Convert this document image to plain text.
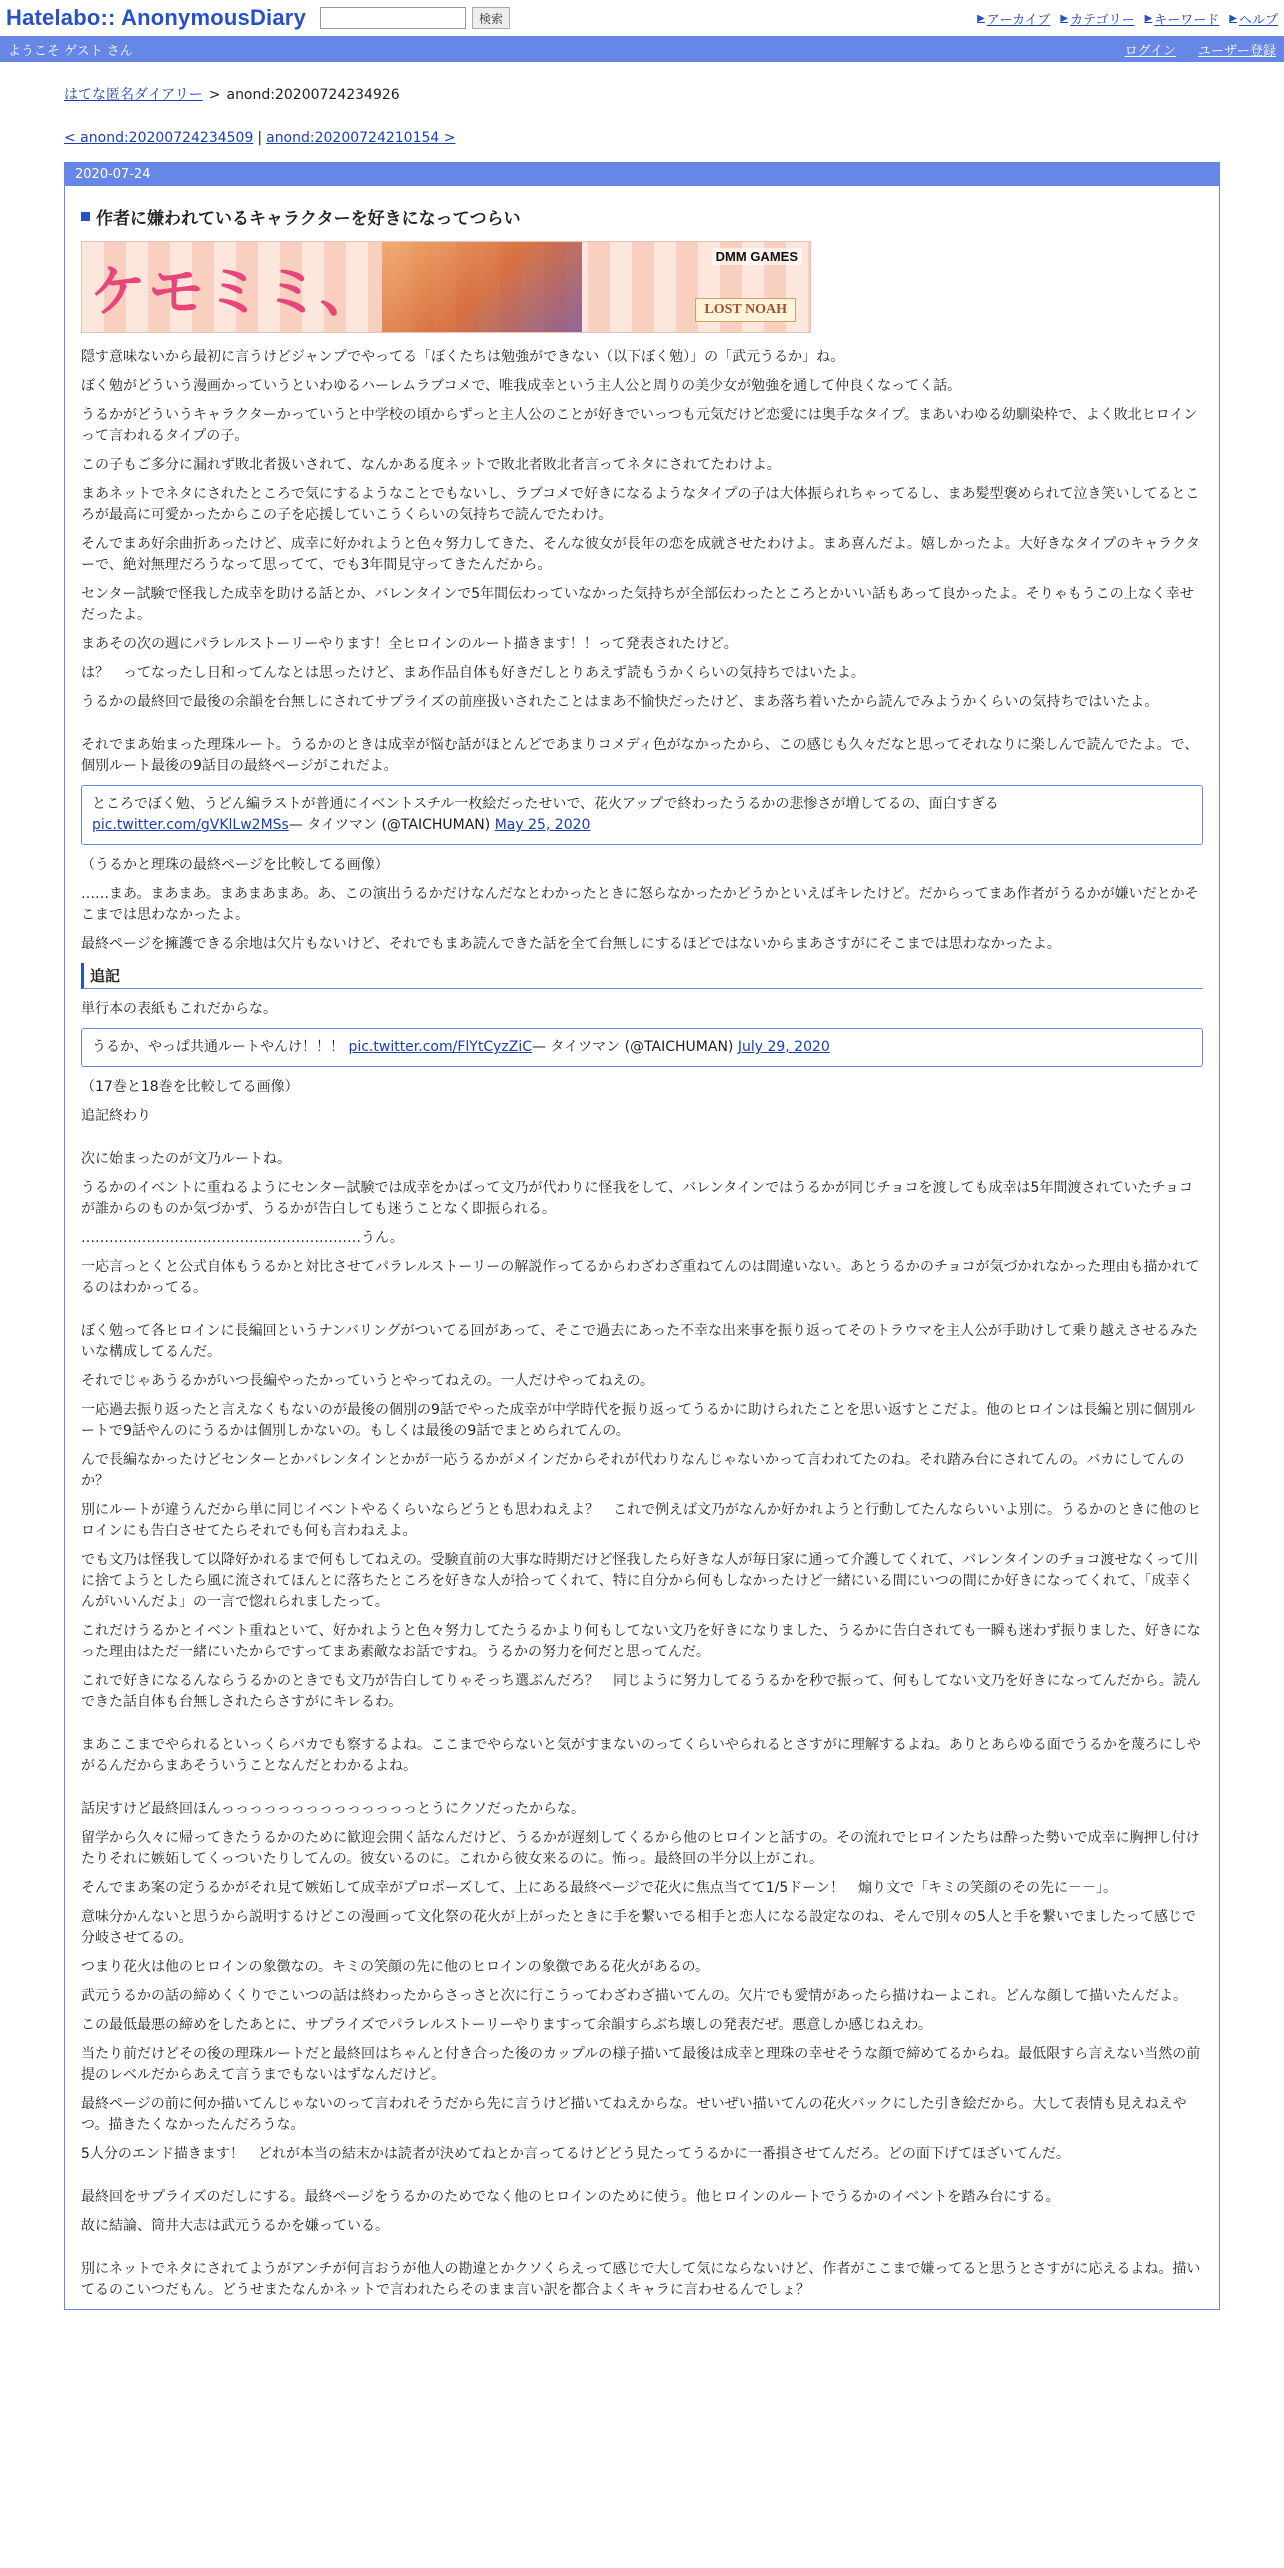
Hatelabo:: AnonymousDiary	検索	▶ アーカイブ ▶ カテゴリー ▶ キーワード ▶ ヘルプ
ようこそ ゲスト さん	ログイン ユーザー登録
はてな匿名ダイアリー > anond:20200724234926
< anond:20200724234509 | anond:20200724210154 >
2020-07-24
作者に嫌われているキャラクターを好きになってつらい
ケモミミ、
DMM GAMES
LOST NOAH

隠す意味ないから最初に言うけどジャンプでやってる「ぼくたちは勉強ができない（以下ぼく勉）」の「武元うるか」ね。

ぼく勉がどういう漫画かっていうといわゆるハーレムラブコメで、唯我成幸という主人公と周りの美少女が勉強を通して仲良くなってく話。

うるかがどういうキャラクターかっていうと中学校の頃からずっと主人公のことが好きでいっつも元気だけど恋愛には奥手なタイプ。まあいわゆる幼馴染枠で、よく敗北ヒロインって言われるタイプの子。

この子もご多分に漏れず敗北者扱いされて、なんかある度ネットで敗北者敗北者言ってネタにされてたわけよ。

まあネットでネタにされたところで気にするようなことでもないし、ラブコメで好きになるようなタイプの子は大体振られちゃってるし、まあ髪型褒められて泣き笑いしてるところが最高に可愛かったからこの子を応援していこうくらいの気持ちで読んでたわけ。

そんでまあ好余曲折あったけど、成幸に好かれようと色々努力してきた、そんな彼女が長年の恋を成就させたわけよ。まあ喜んだよ。嬉しかったよ。大好きなタイプのキャラクターで、絶対無理だろうなって思ってて、でも3年間見守ってきたんだから。

センター試験で怪我した成幸を助ける話とか、バレンタインで5年間伝わっていなかった気持ちが全部伝わったところとかいい話もあって良かったよ。そりゃもうこの上なく幸せだったよ。

まあその次の週にパラレルストーリーやります！全ヒロインのルート描きます！！って発表されたけど。

は？　ってなったし日和ってんなとは思ったけど、まあ作品自体も好きだしとりあえず読もうかくらいの気持ちではいたよ。

うるかの最終回で最後の余韻を台無しにされてサプライズの前座扱いされたことはまあ不愉快だったけど、まあ落ち着いたから読んでみようかくらいの気持ちではいたよ。

それでまあ始まった理珠ルート。うるかのときは成幸が悩む話がほとんどであまりコメディ色がなかったから、この感じも久々だなと思ってそれなりに楽しんで読んでたよ。で、個別ルート最後の9話目の最終ページがこれだよ。

ところでぼく勉、うどん編ラストが普通にイベントスチル一枚絵だったせいで、花火アップで終わったうるかの悲惨さが増してるの、面白すぎる
pic.twitter.com/gVKlLw2MSs— タイツマン (@TAICHUMAN) May 25, 2020

（うるかと理珠の最終ページを比較してる画像）

……まあ。まあまあ。まあまあまあ。あ、この演出うるかだけなんだなとわかったときに怒らなかったかどうかといえばキレたけど。だからってまあ作者がうるかが嫌いだとかそこまでは思わなかったよ。

最終ページを擁護できる余地は欠片もないけど、それでもまあ読んできた話を全て台無しにするほどではないからまあさすがにそこまでは思わなかったよ。

追記

単行本の表紙もこれだからな。

うるか、やっぱ共通ルートやんけ！！！ pic.twitter.com/FlYtCyzZiC— タイツマン (@TAICHUMAN) July 29, 2020

（17巻と18巻を比較してる画像）

追記終わり

次に始まったのが文乃ルートね。

うるかのイベントに重ねるようにセンター試験では成幸をかばって文乃が代わりに怪我をして、バレンタインではうるかが同じチョコを渡しても成幸は5年間渡されていたチョコが誰からのものか気づかず、うるかが告白しても迷うことなく即振られる。

……………………………………………………うん。

一応言っとくと公式自体もうるかと対比させてパラレルストーリーの解説作ってるからわざわざ重ねてんのは間違いない。あとうるかのチョコが気づかれなかった理由も描かれてるのはわかってる。

ぼく勉って各ヒロインに長編回というナンバリングがついてる回があって、そこで過去にあった不幸な出来事を振り返ってそのトラウマを主人公が手助けして乗り越えさせるみたいな構成してるんだ。

それでじゃあうるかがいつ長編やったかっていうとやってねえの。一人だけやってねえの。

一応過去振り返ったと言えなくもないのが最後の個別の9話でやった成幸が中学時代を振り返ってうるかに助けられたことを思い返すとこだよ。他のヒロインは長編と別に個別ルートで9話やんのにうるかは個別しかないの。もしくは最後の9話でまとめられてんの。

んで長編なかったけどセンターとかバレンタインとかが一応うるかがメインだからそれが代わりなんじゃないかって言われてたのね。それ踏み台にされてんの。バカにしてんのか？

別にルートが違うんだから単に同じイベントやるくらいならどうとも思わねえよ？　これで例えば文乃がなんか好かれようと行動してたんならいいよ別に。うるかのときに他のヒロインにも告白させてたらそれでも何も言わねえよ。

でも文乃は怪我して以降好かれるまで何もしてねえの。受験直前の大事な時期だけど怪我したら好きな人が毎日家に通って介護してくれて、バレンタインのチョコ渡せなくって川に捨てようとしたら風に流されてほんとに落ちたところを好きな人が拾ってくれて、特に自分から何もしなかったけど一緒にいる間にいつの間にか好きになってくれて、「成幸くんがいいんだよ」の一言で惚れられましたって。

これだけうるかとイベント重ねといて、好かれようと色々努力してたうるかより何もしてない文乃を好きになりました、うるかに告白されても一瞬も迷わず振りました、好きになった理由はただ一緒にいたからですってまあ素敵なお話ですね。うるかの努力を何だと思ってんだ。

これで好きになるんならうるかのときでも文乃が告白してりゃそっち選ぶんだろ？　同じように努力してるうるかを秒で振って、何もしてない文乃を好きになってんだから。読んできた話自体も台無しされたらさすがにキレるわ。

まあここまでやられるといっくらバカでも察するよね。ここまでやらないと気がすまないのってくらいやられるとさすがに理解するよね。ありとあらゆる面でうるかを蔑ろにしやがるんだからまあそういうことなんだとわかるよね。

話戻すけど最終回ほんっっっっっっっっっっっっっっとうにクソだったからな。

留学から久々に帰ってきたうるかのために歓迎会開く話なんだけど、うるかが遅刻してくるから他のヒロインと話すの。その流れでヒロインたちは酔った勢いで成幸に胸押し付けたりそれに嫉妬してくっついたりしてんの。彼女いるのに。これから彼女来るのに。怖っ。最終回の半分以上がこれ。

そんでまあ案の定うるかがそれ見て嫉妬して成幸がプロポーズして、上にある最終ページで花火に焦点当てて1/5ドーン！　煽り文で「キミの笑顔のその先に－－」。

意味分かんないと思うから説明するけどこの漫画って文化祭の花火が上がったときに手を繋いでる相手と恋人になる設定なのね、そんで別々の5人と手を繋いでましたって感じで分岐させてるの。

つまり花火は他のヒロインの象徴なの。キミの笑顔の先に他のヒロインの象徴である花火があるの。

武元うるかの話の締めくくりでこいつの話は終わったからさっさと次に行こうってわざわざ描いてんの。欠片でも愛情があったら描けねーよこれ。どんな顔して描いたんだよ。

この最低最悪の締めをしたあとに、サプライズでパラレルストーリーやりますって余韻すらぶち壊しの発表だぜ。悪意しか感じねえわ。

当たり前だけどその後の理珠ルートだと最終回はちゃんと付き合った後のカップルの様子描いて最後は成幸と理珠の幸せそうな顔で締めてるからね。最低限すら言えない当然の前提のレベルだからあえて言うまでもないはずなんだけど。

最終ページの前に何か描いてんじゃないのって言われそうだから先に言うけど描いてねえからな。せいぜい描いてんの花火バックにした引き絵だから。大して表情も見えねえやつ。描きたくなかったんだろうな。

5人分のエンド描きます！　どれが本当の結末かは読者が決めてねとか言ってるけどどう見たってうるかに一番損させてんだろ。どの面下げてほざいてんだ。

最終回をサプライズのだしにする。最終ページをうるかのためでなく他のヒロインのために使う。他ヒロインのルートでうるかのイベントを踏み台にする。

故に結論、筒井大志は武元うるかを嫌っている。

別にネットでネタにされてようがアンチが何言おうが他人の勘違とかクソくらえって感じで大して気にならないけど、作者がここまで嫌ってると思うとさすがに応えるよね。描いてるのこいつだもん。どうせまたなんかネットで言われたらそのまま言い訳を都合よくキャラに言わせるんでしょ？
